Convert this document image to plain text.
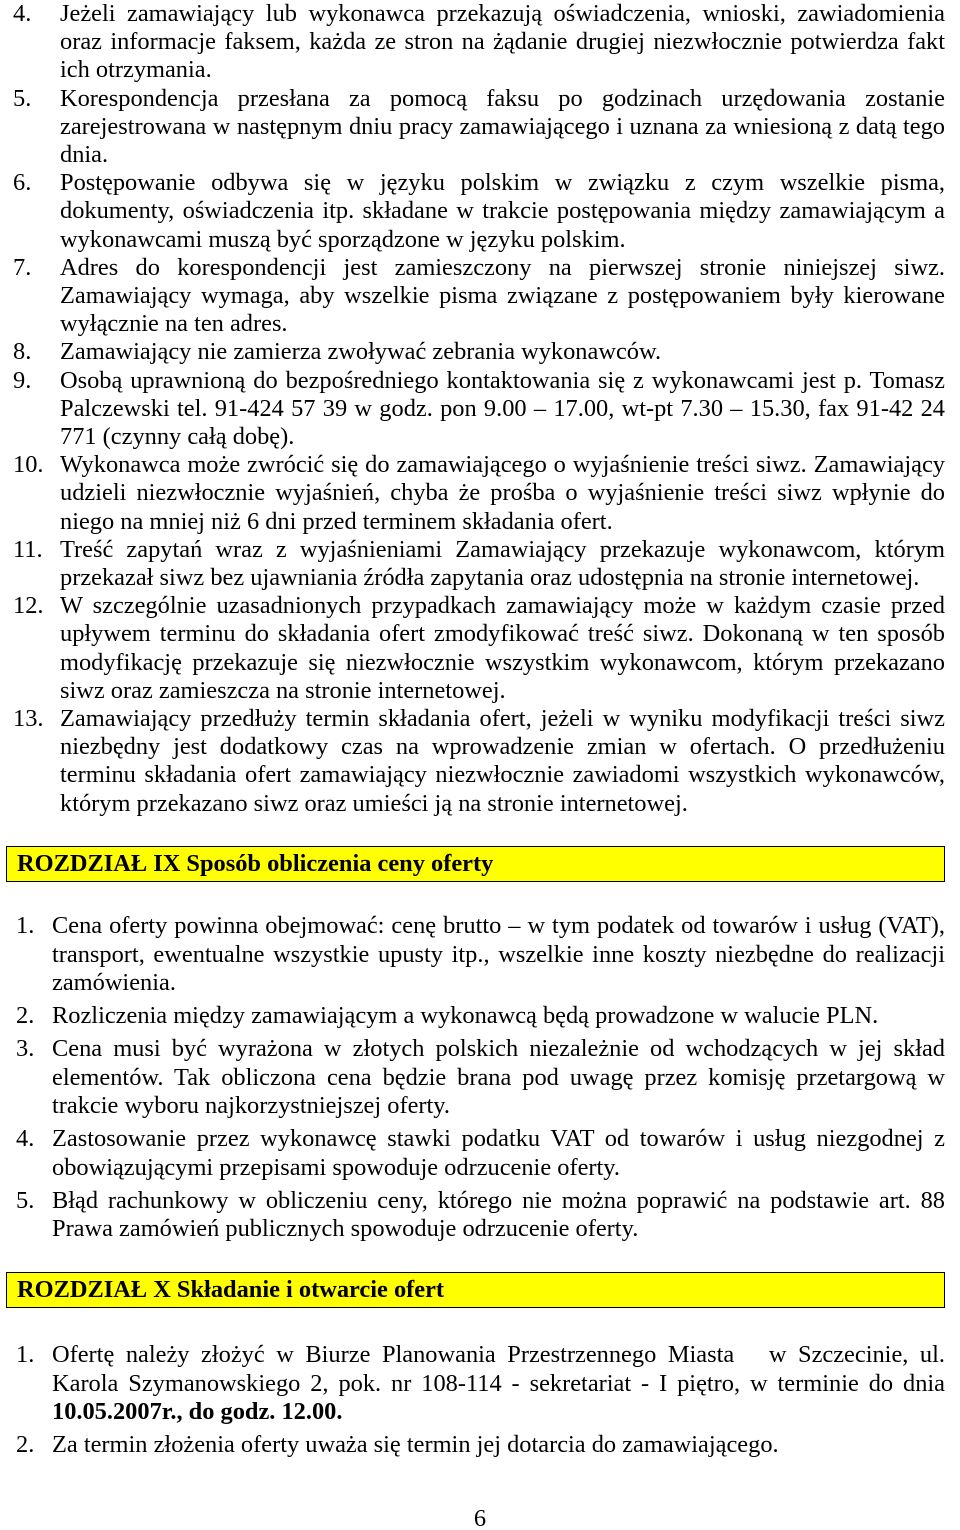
4.	Jeżeli zamawiający lub wykonawca przekazują oświadczenia, wnioski, zawiadomienia oraz informacje faksem, każda ze stron na żądanie drugiej niezwłocznie potwierdza fakt ich otrzymania.
5.	Korespondencja przesłana za pomocą faksu po godzinach urzędowania zostanie zarejestrowana w następnym dniu pracy zamawiającego i uznana za wniesioną z datą tego dnia.
6.	Postępowanie odbywa się w języku polskim w związku z czym wszelkie pisma, dokumenty, oświadczenia itp. składane w trakcie postępowania między zamawiającym a wykonawcami muszą być sporządzone w języku polskim.
7.	Adres do korespondencji jest zamieszczony na pierwszej stronie niniejszej siwz. Zamawiający wymaga, aby wszelkie pisma związane z postępowaniem były kierowane wyłącznie na ten adres.
8.	Zamawiający nie zamierza zwoływać zebrania wykonawców.
9.	Osobą uprawnioną do bezpośredniego kontaktowania się z wykonawcami jest p. Tomasz Palczewski tel. 91-424 57 39 w godz. pon 9.00 – 17.00, wt-pt 7.30 – 15.30, fax 91-42 24 771 (czynny całą dobę).
10. Wykonawca może zwrócić się do zamawiającego o wyjaśnienie treści siwz. Zamawiający udzieli niezwłocznie wyjaśnień, chyba że prośba o wyjaśnienie treści siwz wpłynie do niego na mniej niż 6 dni przed terminem składania ofert.
11. Treść zapytań wraz z wyjaśnieniami Zamawiający przekazuje wykonawcom, którym przekazał siwz bez ujawniania źródła zapytania oraz udostępnia na stronie internetowej.
12. W szczególnie uzasadnionych przypadkach zamawiający może w każdym czasie przed upływem terminu do składania ofert zmodyfikować treść siwz. Dokonaną w ten sposób modyfikację przekazuje się niezwłocznie wszystkim wykonawcom, którym przekazano siwz oraz zamieszcza na stronie internetowej.
13. Zamawiający przedłuży termin składania ofert, jeżeli w wyniku modyfikacji treści siwz niezbędny jest dodatkowy czas na wprowadzenie zmian w ofertach. O przedłużeniu terminu składania ofert zamawiający niezwłocznie zawiadomi wszystkich wykonawców, którym przekazano siwz oraz umieści ją na stronie internetowej.
ROZDZIAŁ IX Sposób obliczenia ceny oferty
1. Cena oferty powinna obejmować: cenę brutto – w tym podatek od towarów i usług (VAT), transport, ewentualne wszystkie upusty itp., wszelkie inne koszty niezbędne do realizacji zamówienia.
2. Rozliczenia między zamawiającym a wykonawcą będą prowadzone w walucie PLN.
3. Cena musi być wyrażona w złotych polskich niezależnie od wchodzących w jej skład elementów. Tak obliczona cena będzie brana pod uwagę przez komisję przetargową w trakcie wyboru najkorzystniejszej oferty.
4. Zastosowanie przez wykonawcę stawki podatku VAT od towarów i usług niezgodnej z obowiązującymi przepisami spowoduje odrzucenie oferty.
5. Błąd rachunkowy w obliczeniu ceny, którego nie można poprawić na podstawie art. 88 Prawa zamówień publicznych spowoduje odrzucenie oferty.
ROZDZIAŁ X Składanie i otwarcie ofert
1. Ofertę należy złożyć w Biurze Planowania Przestrzennego Miasta   w Szczecinie, ul. Karola Szymanowskiego 2, pok. nr 108-114 - sekretariat - I piętro, w terminie do dnia 10.05.2007r., do godz. 12.00.
2. Za termin złożenia oferty uważa się termin jej dotarcia do zamawiającego.
6
